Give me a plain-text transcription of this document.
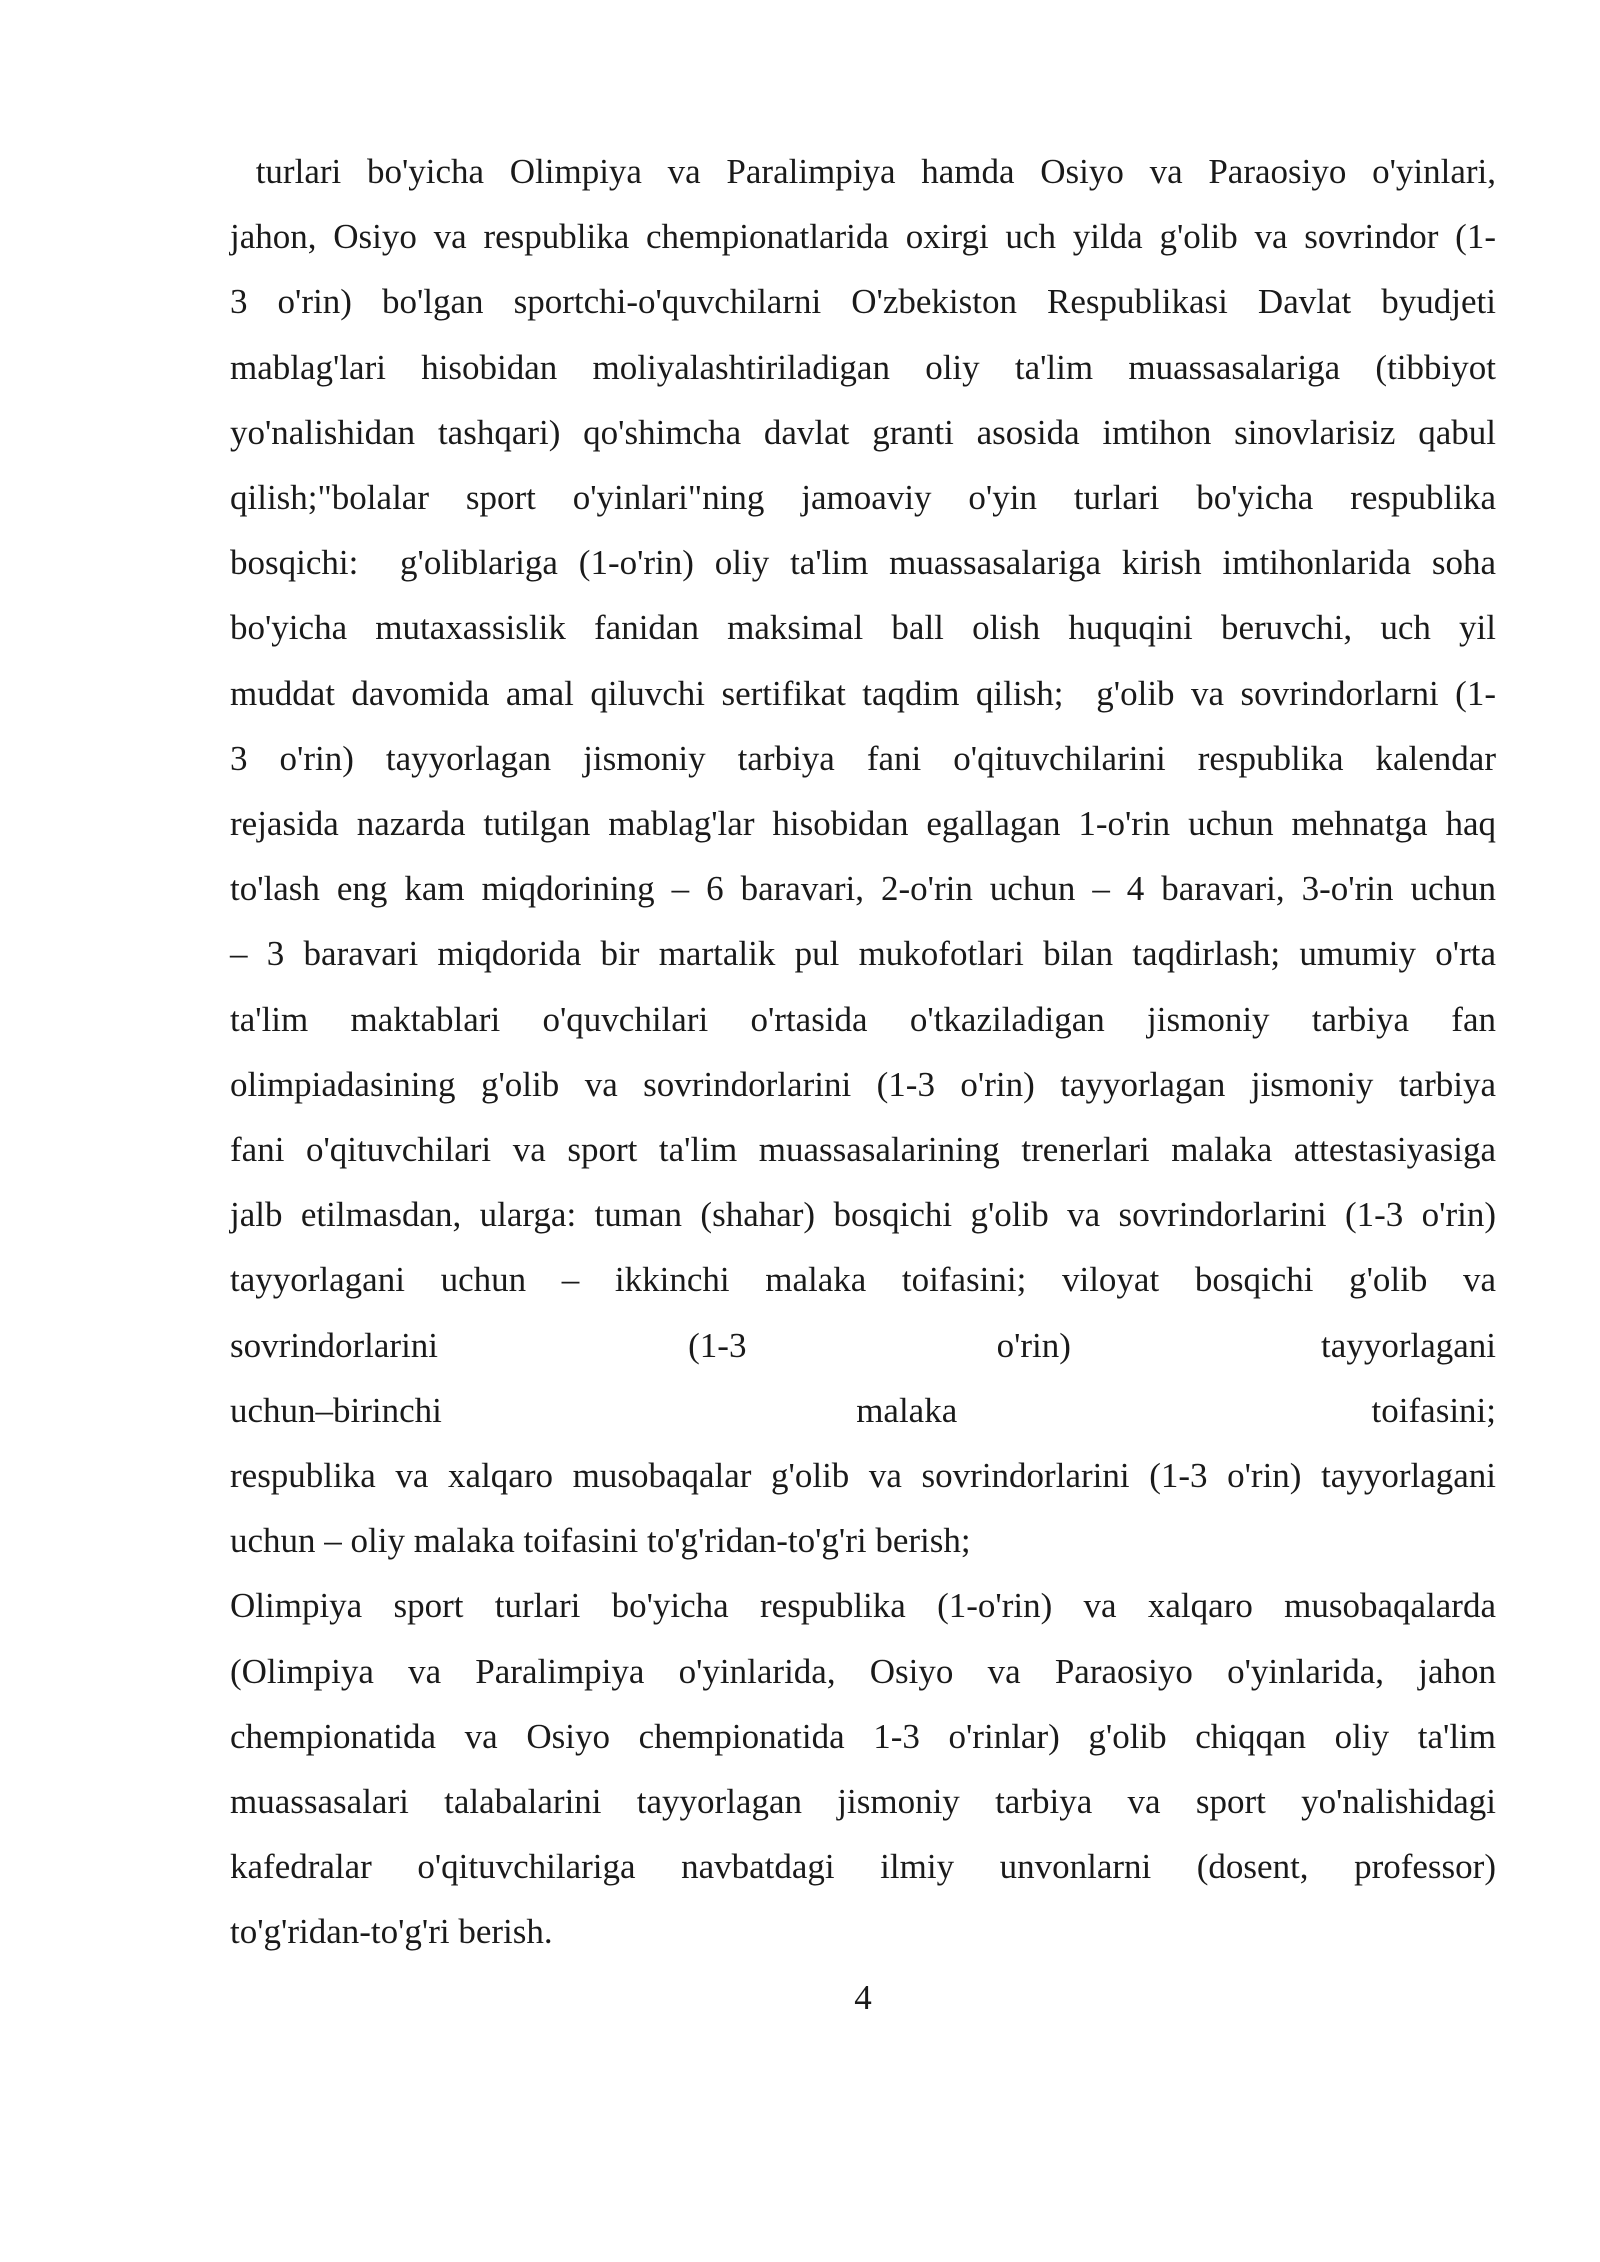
turlari bo'yicha Olimpiya va Paralimpiya hamda Osiyo va Paraosiyo o'yinlari,
jahon, Osiyo va respublika chempionatlarida oxirgi uch yilda g'olib va sovrindor (1-
3 o'rin) bo'lgan sportchi-o'quvchilarni O'zbekiston Respublikasi Davlat byudjeti
mablag'lari hisobidan moliyalashtiriladigan oliy ta'lim muassasalariga (tibbiyot
yo'nalishidan tashqari) qo'shimcha davlat granti asosida imtihon sinovlarisiz qabul
qilish;"bolalar sport o'yinlari"ning jamoaviy o'yin turlari bo'yicha respublika
bosqichi:  g'oliblariga (1-o'rin) oliy ta'lim muassasalariga kirish imtihonlarida soha
bo'yicha mutaxassislik fanidan maksimal ball olish huquqini beruvchi, uch yil
muddat davomida amal qiluvchi sertifikat taqdim qilish;  g'olib va sovrindorlarni (1-
3 o'rin) tayyorlagan jismoniy tarbiya fani o'qituvchilarini respublika kalendar
rejasida nazarda tutilgan mablag'lar hisobidan egallagan 1-o'rin uchun mehnatga haq
to'lash eng kam miqdorining – 6 baravari, 2-o'rin uchun – 4 baravari, 3-o'rin uchun
– 3 baravari miqdorida bir martalik pul mukofotlari bilan taqdirlash; umumiy o'rta
ta'lim maktablari o'quvchilari o'rtasida o'tkaziladigan jismoniy tarbiya fan
olimpiadasining g'olib va sovrindorlarini (1-3 o'rin) tayyorlagan jismoniy tarbiya
fani o'qituvchilari va sport ta'lim muassasalarining trenerlari malaka attestasiyasiga
jalb etilmasdan, ularga: tuman (shahar) bosqichi g'olib va sovrindorlarini (1-3 o'rin)
tayyorlagani uchun – ikkinchi malaka toifasini; viloyat bosqichi g'olib va
sovrindorlarini (1-3 o'rin) tayyorlagani
uchun–birinchi malaka toifasini;
respublika va xalqaro musobaqalar g'olib va sovrindorlarini (1-3 o'rin) tayyorlagani
uchun – oliy malaka toifasini to'g'ridan-to'g'ri berish;
Olimpiya sport turlari bo'yicha respublika (1-o'rin) va xalqaro musobaqalarda
(Olimpiya va Paralimpiya o'yinlarida, Osiyo va Paraosiyo o'yinlarida, jahon
chempionatida va Osiyo chempionatida 1-3 o'rinlar) g'olib chiqqan oliy ta'lim
muassasalari talabalarini tayyorlagan jismoniy tarbiya va sport yo'nalishidagi
kafedralar o'qituvchilariga navbatdagi ilmiy unvonlarni (dosent, professor)
to'g'ridan-to'g'ri berish.
4
